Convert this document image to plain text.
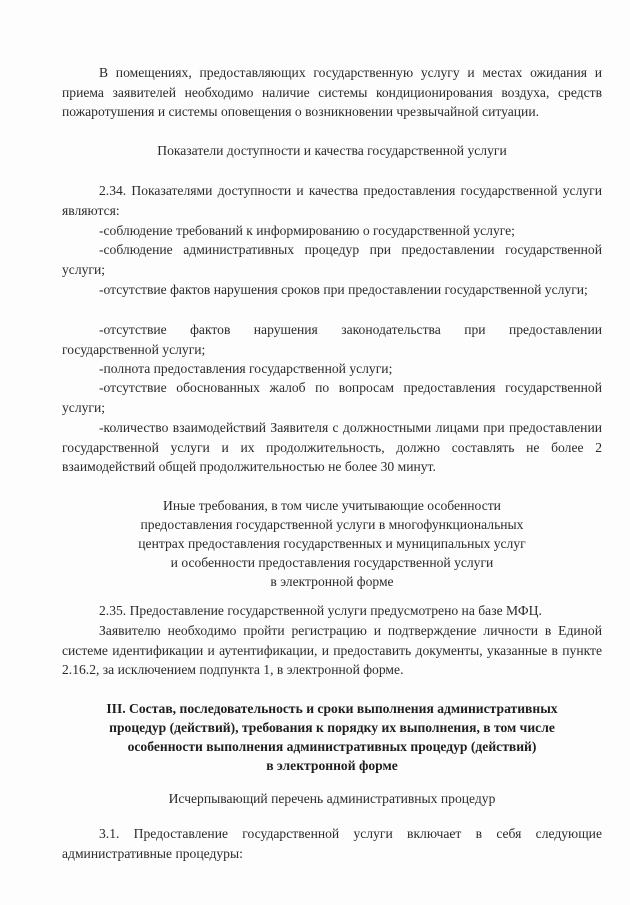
В помещениях, предоставляющих государственную услугу и местах ожидания и приема заявителей необходимо наличие системы кондиционирования воздуха, средств пожаротушения и системы оповещения о возникновении чрезвычайной ситуации.

Показатели доступности и качества государственной услуги

2.34. Показателями доступности и качества предоставления государственной услуги являются:

-соблюдение требований к информированию о государственной услуге;

-соблюдение административных процедур при предоставлении государственной услуги;

-отсутствие фактов нарушения сроков при предоставлении государственной услуги;

-отсутствие фактов нарушения законодательства при предоставлении государственной услуги;

-полнота предоставления государственной услуги;

-отсутствие обоснованных жалоб по вопросам предоставления государственной услуги;

-количество взаимодействий Заявителя с должностными лицами при предоставлении государственной услуги и их продолжительность, должно составлять не более 2 взаимодействий общей продолжительностью не более 30 минут.

Иные требования, в том числе учитывающие особенности

предоставления государственной услуги в многофункциональных

центрах предоставления государственных и муниципальных услуг

и особенности предоставления государственной услуги

в электронной форме

2.35. Предоставление государственной услуги предусмотрено на базе МФЦ.

Заявителю необходимо пройти регистрацию и подтверждение личности в Единой системе идентификации и аутентификации, и предоставить документы, указанные в пункте 2.16.2, за исключением подпункта 1, в электронной форме.

III. Состав, последовательность и сроки выполнения административных

процедур (действий), требования к порядку их выполнения, в том числе

особенности выполнения административных процедур (действий)

в электронной форме

Исчерпывающий перечень административных процедур

3.1. Предоставление государственной услуги включает в себя следующие административные процедуры:
